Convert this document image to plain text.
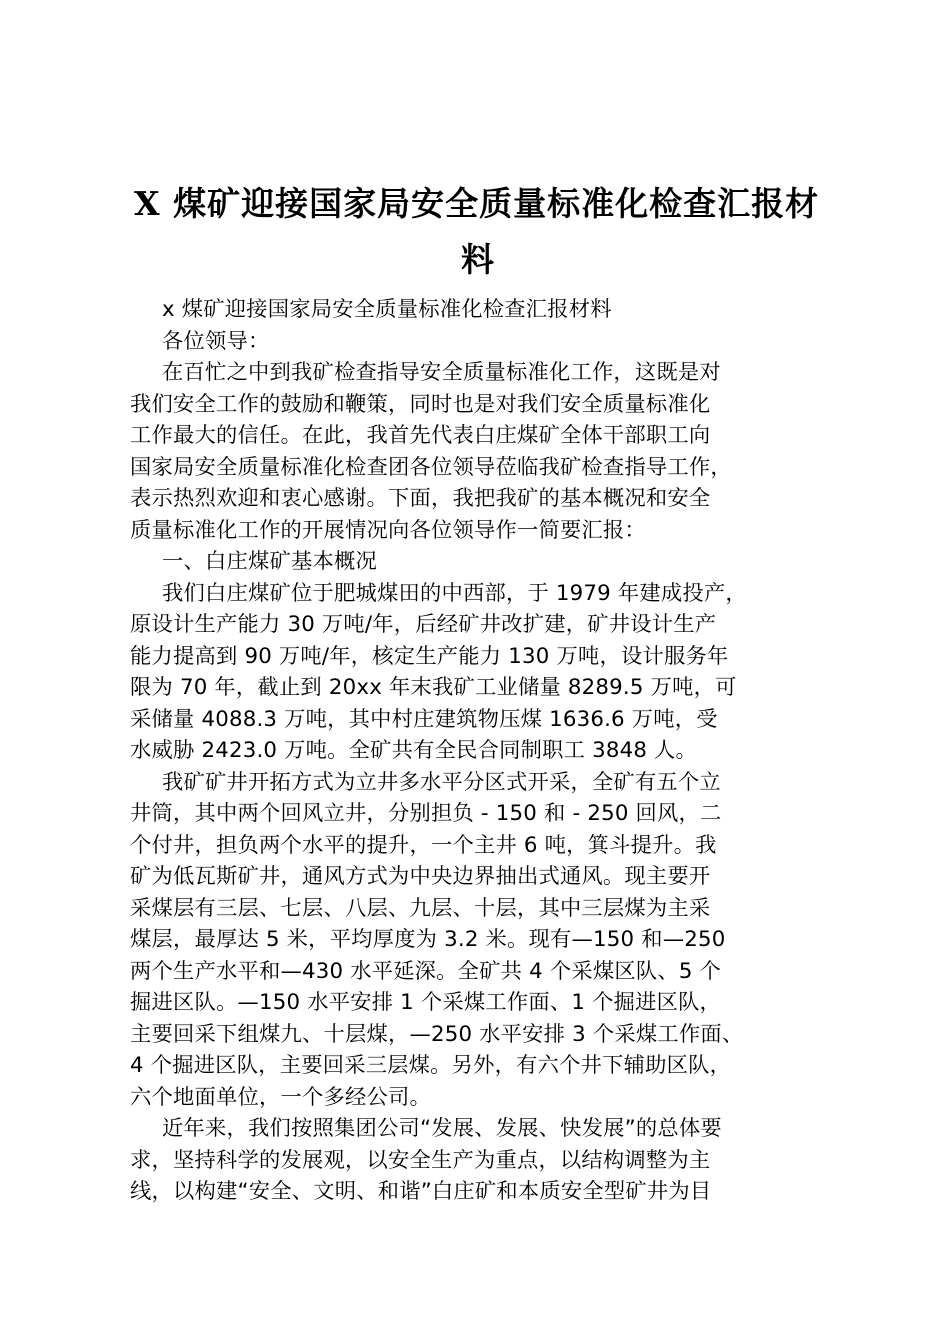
X 煤矿迎接国家局安全质量标准化检查汇报材
料
x 煤矿迎接国家局安全质量标准化检查汇报材料
各位领导：
在百忙之中到我矿检查指导安全质量标准化工作，这既是对
我们安全工作的鼓励和鞭策，同时也是对我们安全质量标准化
工作最大的信任。在此，我首先代表白庄煤矿全体干部职工向
国家局安全质量标准化检查团各位领导莅临我矿检查指导工作，
表示热烈欢迎和衷心感谢。下面，我把我矿的基本概况和安全
质量标准化工作的开展情况向各位领导作一简要汇报：
一、白庄煤矿基本概况
我们白庄煤矿位于肥城煤田的中西部，于 1979 年建成投产，
原设计生产能力 30 万吨/年，后经矿井改扩建，矿井设计生产
能力提高到 90 万吨/年，核定生产能力 130 万吨，设计服务年
限为 70 年，截止到 20xx 年末我矿工业储量 8289.5 万吨，可
采储量 4088.3 万吨，其中村庄建筑物压煤 1636.6 万吨，受
水威胁 2423.0 万吨。全矿共有全民合同制职工 3848 人。
我矿矿井开拓方式为立井多水平分区式开采，全矿有五个立
井筒，其中两个回风立井，分别担负 - 150 和 - 250 回风，二
个付井，担负两个水平的提升，一个主井 6 吨，箕斗提升。我
矿为低瓦斯矿井，通风方式为中央边界抽出式通风。现主要开
采煤层有三层、七层、八层、九层、十层，其中三层煤为主采
煤层，最厚达 5 米，平均厚度为 3.2 米。现有—150 和—250
两个生产水平和—430 水平延深。全矿共 4 个采煤区队、5 个
掘进区队。—150 水平安排 1 个采煤工作面、1 个掘进区队，
主要回采下组煤九、十层煤，—250 水平安排 3 个采煤工作面、
4 个掘进区队，主要回采三层煤。另外，有六个井下辅助区队，
六个地面单位，一个多经公司。
近年来，我们按照集团公司“发展、发展、快发展”的总体要
求，坚持科学的发展观，以安全生产为重点，以结构调整为主
线，以构建“安全、文明、和谐”白庄矿和本质安全型矿井为目
